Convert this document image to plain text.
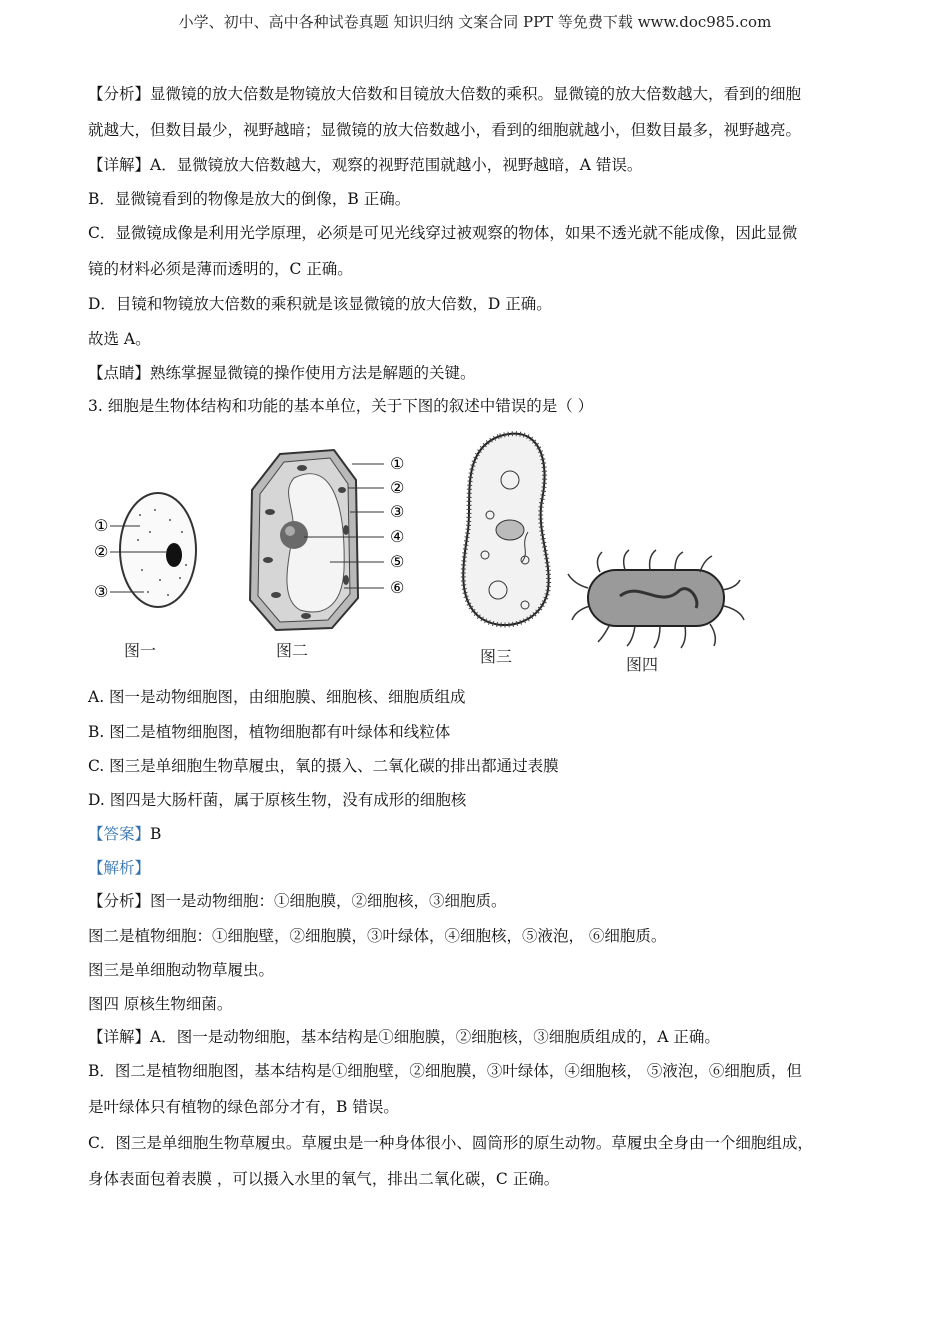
小学、初中、高中各种试卷真题 知识归纳 文案合同 PPT 等免费下载 www.doc985.com
【分析】显微镜的放大倍数是物镜放大倍数和目镜放大倍数的乘积。显微镜的放大倍数越大，看到的细胞
就越大，但数目最少，视野越暗；显微镜的放大倍数越小，看到的细胞就越小，但数目最多，视野越亮。
【详解】A．显微镜放大倍数越大，观察的视野范围就越小，视野越暗，A 错误。
B．显微镜看到的物像是放大的倒像，B 正确。
C．显微镜成像是利用光学原理，必须是可见光线穿过被观察的物体，如果不透光就不能成像，因此显微
镜的材料必须是薄而透明的，C 正确。
D．目镜和物镜放大倍数的乘积就是该显微镜的放大倍数，D 正确。
故选 A。
【点睛】熟练掌握显微镜的操作使用方法是解题的关键。
3. 细胞是生物体结构和功能的基本单位，关于下图的叙述中错误的是（ ）
①
②
③
①
②
③
④
⑤
⑥
图一	图二	图三	图四
A. 图一是动物细胞图，由细胞膜、细胞核、细胞质组成
B. 图二是植物细胞图，植物细胞都有叶绿体和线粒体
C. 图三是单细胞生物草履虫，氧的摄入、二氧化碳的排出都通过表膜
D. 图四是大肠杆菌，属于原核生物，没有成形的细胞核
【答案】B
【解析】
【分析】图一是动物细胞：①细胞膜，②细胞核，③细胞质。
图二是植物细胞：①细胞壁，②细胞膜，③叶绿体，④细胞核，⑤液泡， ⑥细胞质。
图三是单细胞动物草履虫。
图四 原核生物细菌。
【详解】A．图一是动物细胞，基本结构是①细胞膜，②细胞核，③细胞质组成的，A 正确。
B．图二是植物细胞图，基本结构是①细胞壁，②细胞膜，③叶绿体，④细胞核， ⑤液泡，⑥细胞质，但
是叶绿体只有植物的绿色部分才有，B 错误。
C．图三是单细胞生物草履虫。草履虫是一种身体很小、圆筒形的原生动物。草履虫全身由一个细胞组成，
身体表面包着表膜 ，可以摄入水里的氧气，排出二氧化碳，C 正确。
